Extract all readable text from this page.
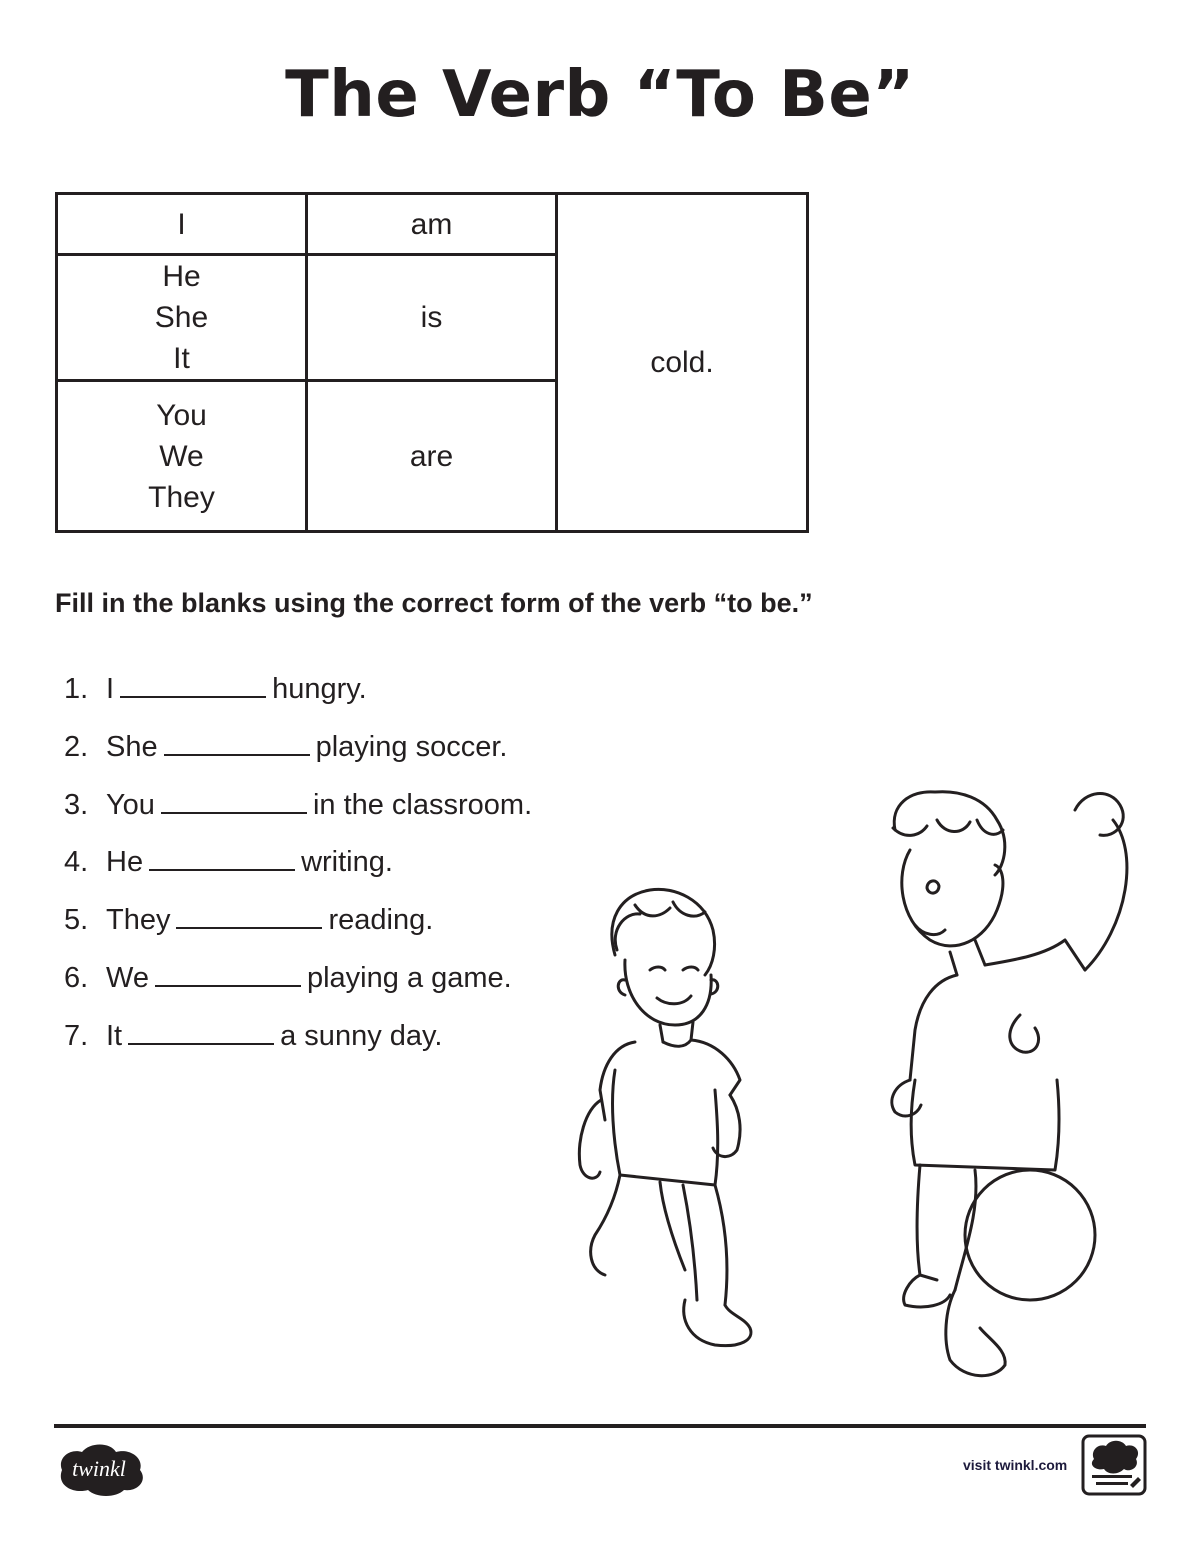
The Verb “To Be”
I	am	cold.

He
She
It	is	

You
We
They	are	
Fill in the blanks using the correct form of the verb “to be.”
1. I	hungry.
2. She	playing soccer.
3. You	in the classroom.
4. He	writing.
5. They	reading.
6. We	playing a game.
7. It	a sunny day.
twinkl	visit twinkl.com
